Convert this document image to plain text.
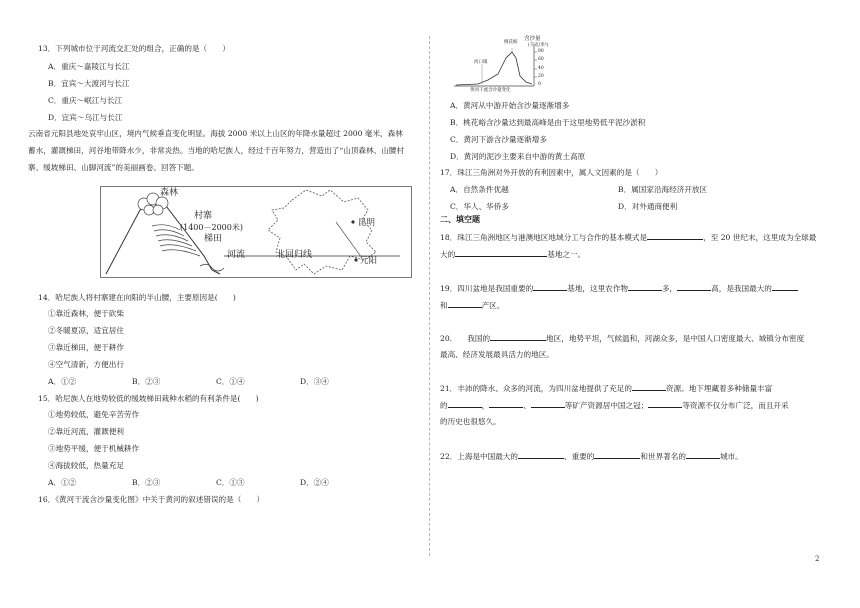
13．下列城市位于河流交汇处的组合，正确的是（　　）
A．重庆～嘉陵江与长江
B．宜宾～大渡河与长江
C．重庆～岷江与长江
D．宜宾～乌江与长江
云南省元阳县地处哀牢山区，境内气候垂直变化明显。海拔 2000 米以上山区的年降水量超过 2000 毫米，森林
蓄水，灌溉梯田，河谷地带降水少，非常炎热。当地的哈尼族人，经过千百年努力，营造出了“山顶森林、山腰村
寨、缓坡梯田、山脚河流”的美丽画卷。回答下题。
森林
村寨
(1400－2000米)
梯田
河流	北回归线
昆明
元阳
14．哈尼族人将村寨建在向阳的半山腰，主要原因是(　　)
①靠近森林，便于砍柴
②冬暖夏凉，适宜居住
③靠近梯田，便于耕作
④空气清新，方便出行
A．①②	B．②③	C．①④	D．③④
15．哈尼族人在地势较低的缓坡梯田栽种水稻的有利条件是(　　)
①地势较低，避免辛苦劳作
②靠近河流，灌溉便利
③地势平缓，便于机械耕作
④海拔较低，热量充足
A．①②	B．②③	C．①③	D．②④
16．《黄河干流含沙量变化图》中关于黄河的叙述错误的是（　　）
含沙量
(千克/米³)
80
60
40
20
0
桃花峪
河口镇
黄河干流含沙量变化
A．黄河从中游开始含沙量逐渐增多
B．桃花峪含沙量达到最高峰是由于这里地势低平泥沙淤积
C．黄河下游含沙量逐渐增多
D．黄河的泥沙主要来自中游的黄土高原
17．珠江三角洲对外开放的有利因素中，属人文因素的是（　　）
A．自然条件优越	B．属国家沿海经济开放区
C．华人、华侨多	D．对外通商便利
二、填空题
18．珠江三角洲地区与港澳地区地域分工与合作的基本模式是	，至 20 世纪末，这里成为全球最
大的	基地之一。
19．四川盆地是我国重要的	基地，这里农作物	多，	高，是我国最大的
和	产区。
20.　　我国的	地区，地势平坦，气候温和，河湖众多，是中国人口密度最大、城镇分布密度
最高、经济发展最具活力的地区。
21．丰沛的降水、众多的河流，为四川盆地提供了充足的	资源。地下埋藏着多种储量丰富
的	，	、	等矿产资源居中国之冠；	等资源不仅分布广泛，而且开采
的历史也很悠久。
22．上海是中国最大的	、重要的	和世界著名的	城市。
2
